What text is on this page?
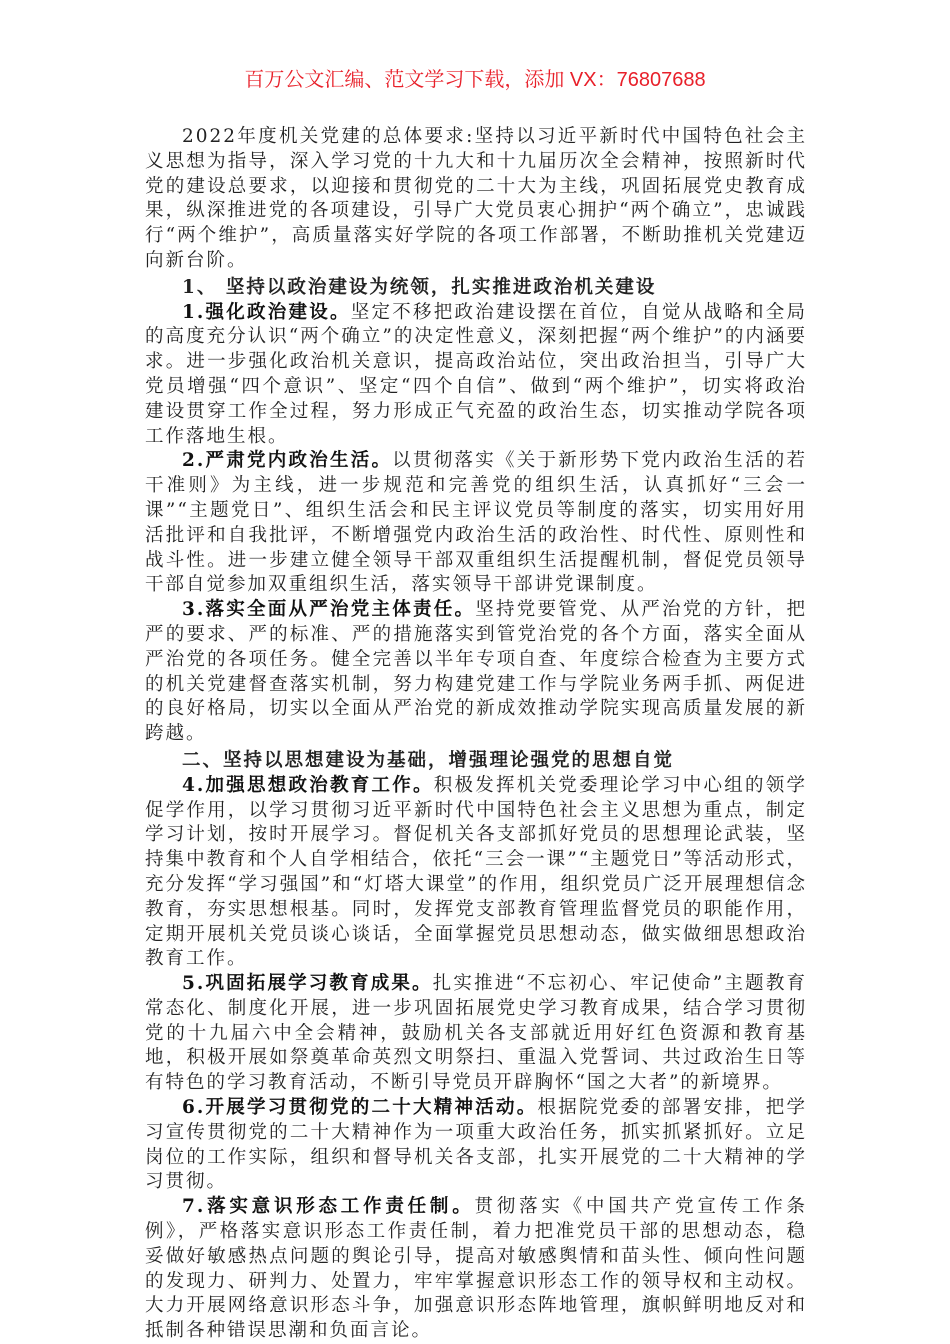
百万公文汇编、范文学习下载，添加 VX：76807688

2022年度机关党建的总体要求:坚持以习近平新时代中国特色社会主义思想为指导，深入学习党的十九大和十九届历次全会精神，按照新时代党的建设总要求，以迎接和贯彻党的二十大为主线，巩固拓展党史教育成果，纵深推进党的各项建设，引导广大党员衷心拥护“两个确立”，忠诚践行“两个维护”，高质量落实好学院的各项工作部署，不断助推机关党建迈向新台阶。

1、 坚持以政治建设为统领，扎实推进政治机关建设

1.强化政治建设。坚定不移把政治建设摆在首位，自觉从战略和全局的高度充分认识“两个确立”的决定性意义，深刻把握“两个维护”的内涵要求。进一步强化政治机关意识，提高政治站位，突出政治担当，引导广大党员增强“四个意识”、坚定“四个自信”、做到“两个维护”，切实将政治建设贯穿工作全过程，努力形成正气充盈的政治生态，切实推动学院各项工作落地生根。

2.严肃党内政治生活。以贯彻落实《关于新形势下党内政治生活的若干准则》为主线，进一步规范和完善党的组织生活，认真抓好“三会一课”“主题党日”、组织生活会和民主评议党员等制度的落实，切实用好用活批评和自我批评，不断增强党内政治生活的政治性、时代性、原则性和战斗性。进一步建立健全领导干部双重组织生活提醒机制，督促党员领导干部自觉参加双重组织生活，落实领导干部讲党课制度。

3.落实全面从严治党主体责任。坚持党要管党、从严治党的方针，把严的要求、严的标准、严的措施落实到管党治党的各个方面，落实全面从严治党的各项任务。健全完善以半年专项自查、年度综合检查为主要方式的机关党建督查落实机制，努力构建党建工作与学院业务两手抓、两促进的良好格局，切实以全面从严治党的新成效推动学院实现高质量发展的新跨越。

二、坚持以思想建设为基础，增强理论强党的思想自觉

4.加强思想政治教育工作。积极发挥机关党委理论学习中心组的领学促学作用，以学习贯彻习近平新时代中国特色社会主义思想为重点，制定学习计划，按时开展学习。督促机关各支部抓好党员的思想理论武装，坚持集中教育和个人自学相结合，依托“三会一课”“主题党日”等活动形式，充分发挥“学习强国”和“灯塔大课堂”的作用，组织党员广泛开展理想信念教育，夯实思想根基。同时，发挥党支部教育管理监督党员的职能作用，定期开展机关党员谈心谈话，全面掌握党员思想动态，做实做细思想政治教育工作。

5.巩固拓展学习教育成果。扎实推进“不忘初心、牢记使命”主题教育常态化、制度化开展，进一步巩固拓展党史学习教育成果，结合学习贯彻党的十九届六中全会精神，鼓励机关各支部就近用好红色资源和教育基地，积极开展如祭奠革命英烈文明祭扫、重温入党誓词、共过政治生日等有特色的学习教育活动，不断引导党员开辟胸怀“国之大者”的新境界。

6.开展学习贯彻党的二十大精神活动。根据院党委的部署安排，把学习宣传贯彻党的二十大精神作为一项重大政治任务，抓实抓紧抓好。立足岗位的工作实际，组织和督导机关各支部，扎实开展党的二十大精神的学习贯彻。

7.落实意识形态工作责任制。贯彻落实《中国共产党宣传工作条例》，严格落实意识形态工作责任制，着力把准党员干部的思想动态，稳妥做好敏感热点问题的舆论引导，提高对敏感舆情和苗头性、倾向性问题的发现力、研判力、处置力，牢牢掌握意识形态工作的领导权和主动权。大力开展网络意识形态斗争，加强意识形态阵地管理，旗帜鲜明地反对和抵制各种错误思潮和负面言论。
